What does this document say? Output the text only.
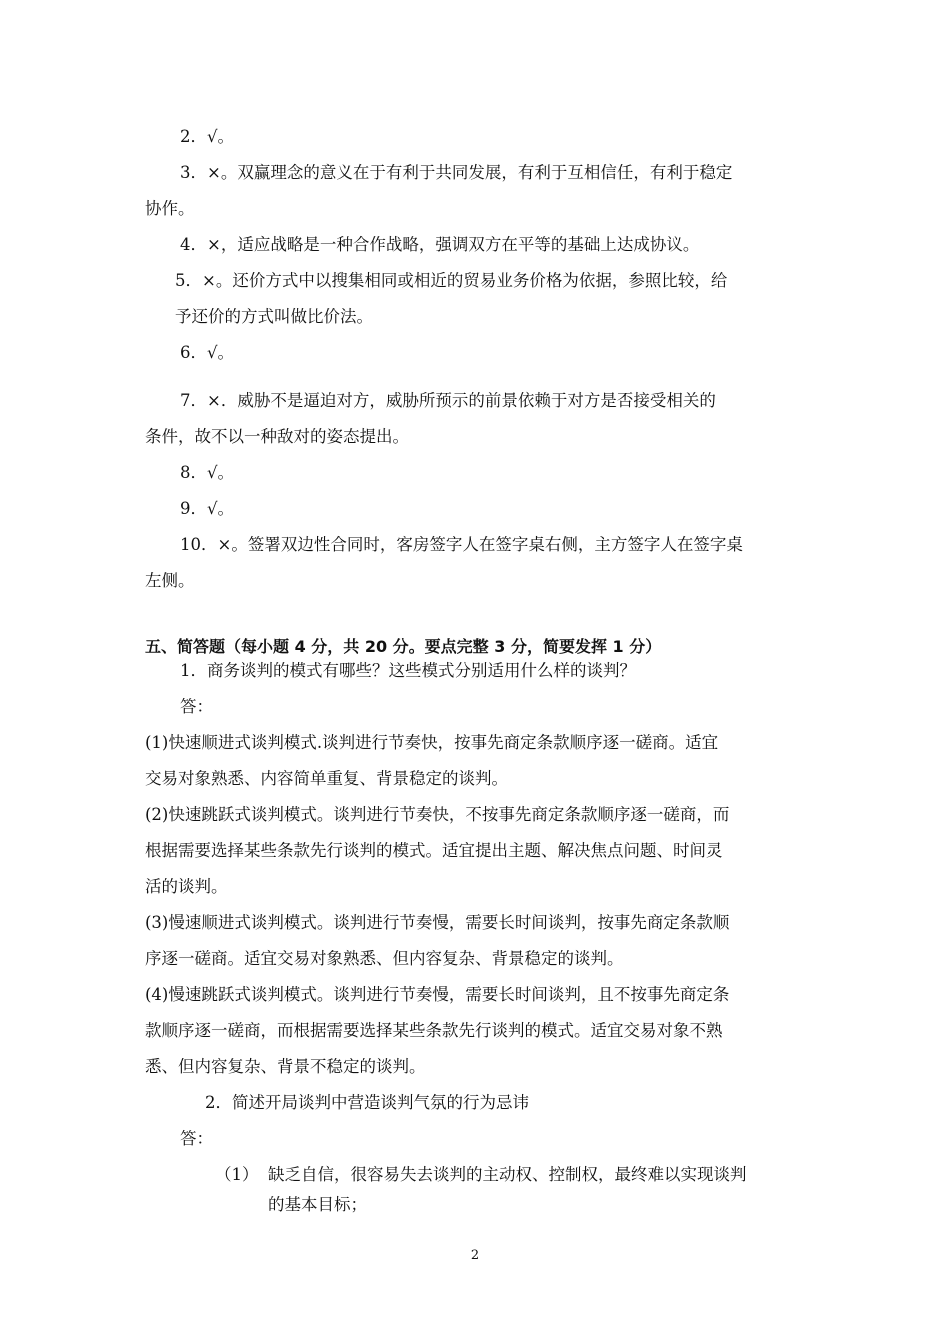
2．√。
3．×。双赢理念的意义在于有利于共同发展，有利于互相信任，有利于稳定
协作。
4．×，适应战略是一种合作战略，强调双方在平等的基础上达成协议。
5．×。还价方式中以搜集相同或相近的贸易业务价格为依据，参照比较，给
予还价的方式叫做比价法。
6．√。
7．×．威胁不是逼迫对方，威胁所预示的前景依赖于对方是否接受相关的
条件，故不以一种敌对的姿态提出。
8．√。
9．√。
10．×。签署双边性合同时，客房签字人在签字桌右侧，主方签字人在签字桌
左侧。
五、简答题（每小题 4 分，共 20 分。要点完整 3 分，简要发挥 1 分）
1．商务谈判的模式有哪些？这些模式分别适用什么样的谈判？
答：
(1)快速顺进式谈判模式.谈判进行节奏快，按事先商定条款顺序逐一磋商。适宜
交易对象熟悉、内容简单重复、背景稳定的谈判。
(2)快速跳跃式谈判模式。谈判进行节奏快，不按事先商定条款顺序逐一磋商，而
根据需要选择某些条款先行谈判的模式。适宜提出主题、解决焦点问题、时间灵
活的谈判。
(3)慢速顺进式谈判模式。谈判进行节奏慢，需要长时间谈判，按事先商定条款顺
序逐一磋商。适宜交易对象熟悉、但内容复杂、背景稳定的谈判。
(4)慢速跳跃式谈判模式。谈判进行节奏慢，需要长时间谈判，且不按事先商定条
款顺序逐一磋商，而根据需要选择某些条款先行谈判的模式。适宜交易对象不熟
悉、但内容复杂、背景不稳定的谈判。
2．简述开局谈判中营造谈判气氛的行为忌讳
答：
（1） 缺乏自信，很容易失去谈判的主动权、控制权，最终难以实现谈判
的基本目标；
2
